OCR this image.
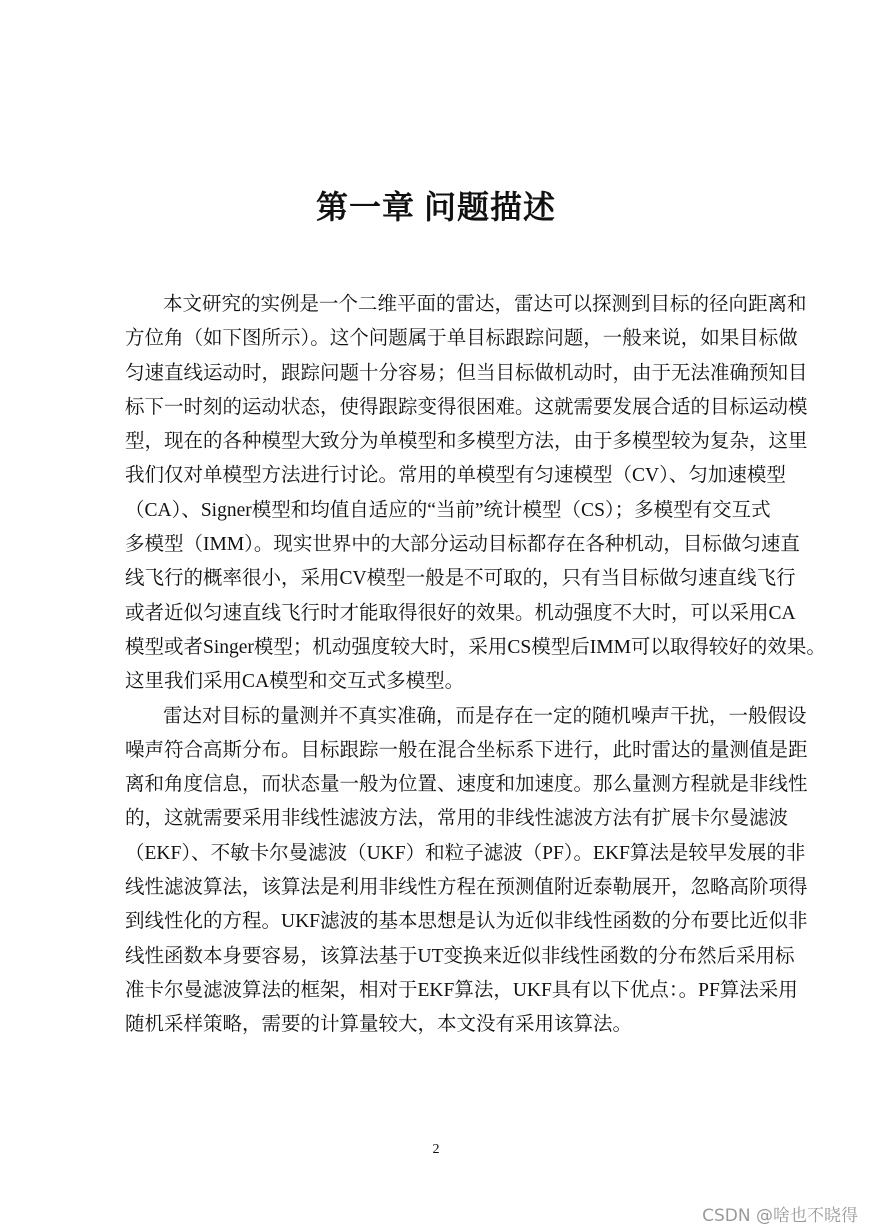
第一章 问题描述
本文研究的实例是一个二维平面的雷达，雷达可以探测到目标的径向距离和
方位角（如下图所示）。这个问题属于单目标跟踪问题，一般来说，如果目标做
匀速直线运动时，跟踪问题十分容易；但当目标做机动时，由于无法准确预知目
标下一时刻的运动状态，使得跟踪变得很困难。这就需要发展合适的目标运动模
型，现在的各种模型大致分为单模型和多模型方法，由于多模型较为复杂，这里
我们仅对单模型方法进行讨论。常用的单模型有匀速模型（CV）、匀加速模型
（CA）、Signer模型和均值自适应的“当前”统计模型（CS）；多模型有交互式
多模型（IMM）。现实世界中的大部分运动目标都存在各种机动，目标做匀速直
线飞行的概率很小，采用CV模型一般是不可取的，只有当目标做匀速直线飞行
或者近似匀速直线飞行时才能取得很好的效果。机动强度不大时，可以采用CA
模型或者Singer模型；机动强度较大时，采用CS模型后IMM可以取得较好的效果。
这里我们采用CA模型和交互式多模型。
雷达对目标的量测并不真实准确，而是存在一定的随机噪声干扰，一般假设
噪声符合高斯分布。目标跟踪一般在混合坐标系下进行，此时雷达的量测值是距
离和角度信息，而状态量一般为位置、速度和加速度。那么量测方程就是非线性
的，这就需要采用非线性滤波方法，常用的非线性滤波方法有扩展卡尔曼滤波
（EKF）、不敏卡尔曼滤波（UKF）和粒子滤波（PF）。EKF算法是较早发展的非
线性滤波算法，该算法是利用非线性方程在预测值附近泰勒展开，忽略高阶项得
到线性化的方程。UKF滤波的基本思想是认为近似非线性函数的分布要比近似非
线性函数本身要容易，该算法基于UT变换来近似非线性函数的分布然后采用标
准卡尔曼滤波算法的框架，相对于EKF算法，UKF具有以下优点：。PF算法采用
随机采样策略，需要的计算量较大，本文没有采用该算法。
2
CSDN @啥也不晓得
